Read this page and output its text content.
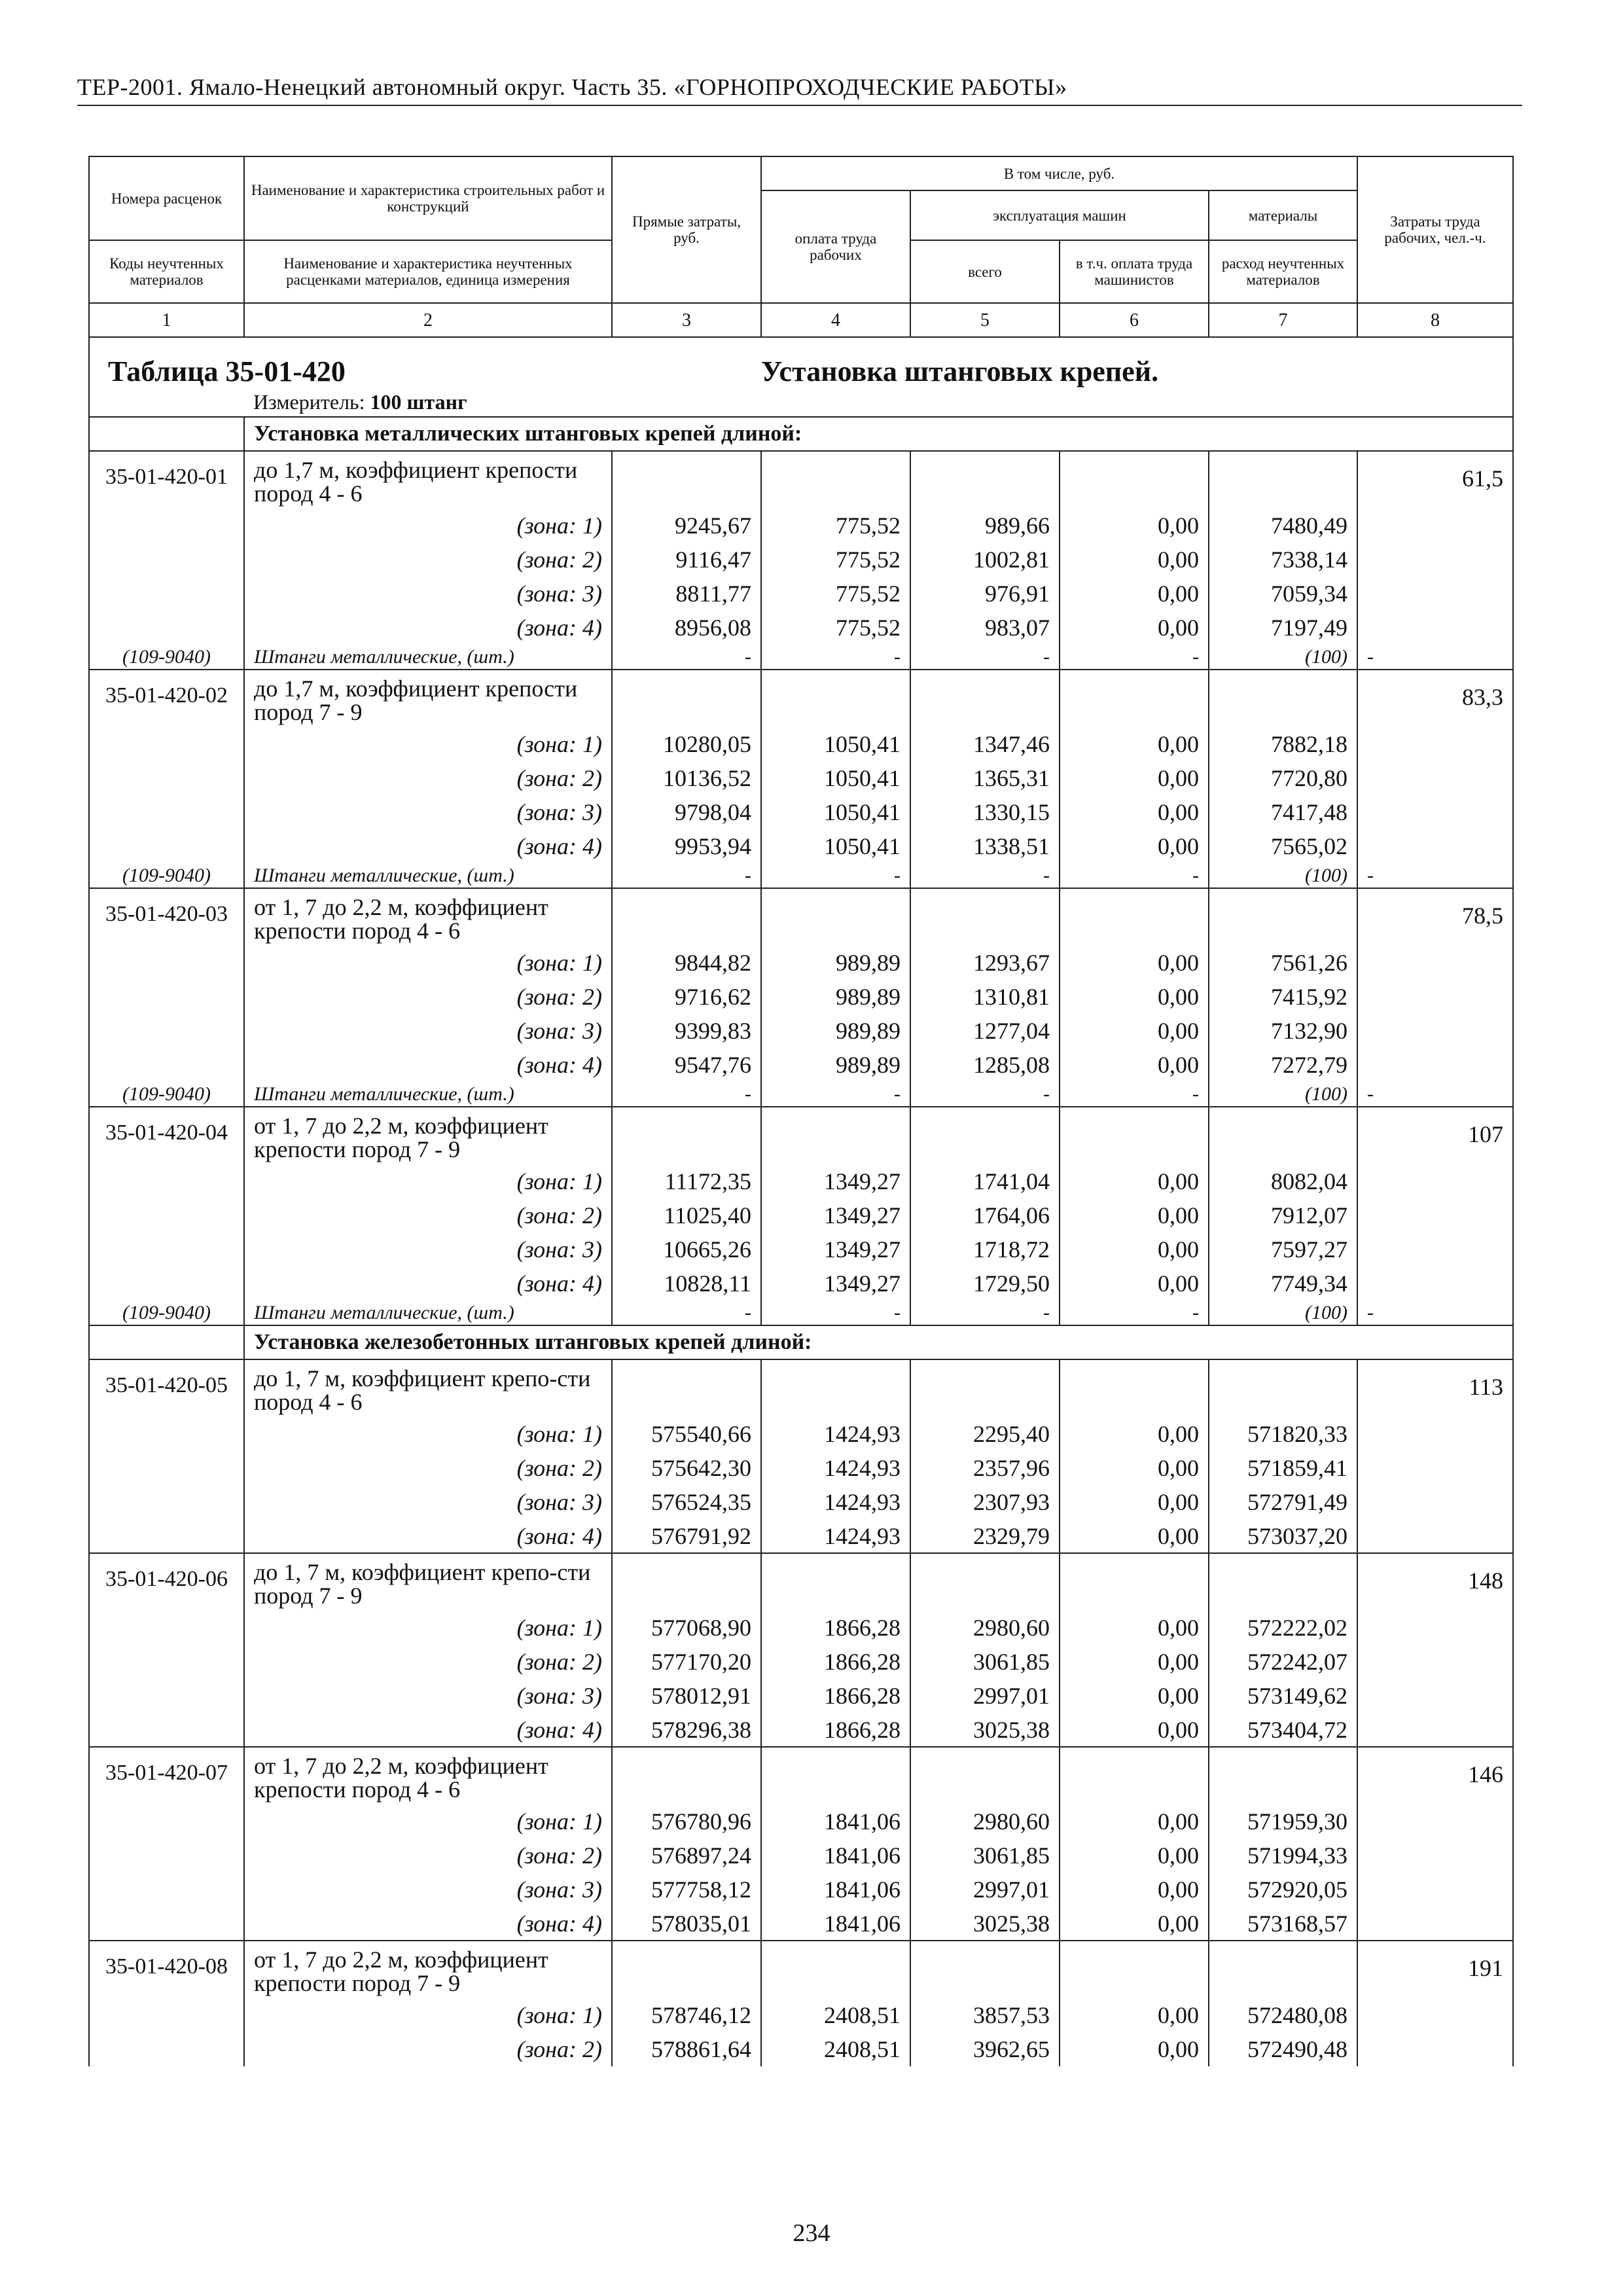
ТЕР-2001. Ямало-Ненецкий автономный округ. Часть 35. «ГОРНОПРОХОДЧЕСКИЕ РАБОТЫ»
Номера расценок	Наименование и характеристика строительных работ и конструкций	Прямые затраты, руб.	В том числе, руб.				Затраты труда рабочих, чел.-ч.
			оплата труда рабочих	эксплуатация машин		материалы	
Коды неучтенных материалов	Наименование и характеристика неучтенных расценками материалов, единица измерения			всего	в т.ч. оплата труда машинистов	расход неучтенных материалов	
1	2	3	4	5	6	7	8

Таблица 35-01-420			Установка штанговых крепей.				
	Измеритель: 100 штанг						
	Установка металлических штанговых крепей длиной:						
35-01-420-01	до 1,7 м, коэффициент крепости пород 4 - 6						61,5
	(зона: 1)	9245,67	775,52	989,66	0,00	7480,49	
	(зона: 2)	9116,47	775,52	1002,81	0,00	7338,14	
	(зона: 3)	8811,77	775,52	976,91	0,00	7059,34	
	(зона: 4)	8956,08	775,52	983,07	0,00	7197,49	
(109-9040)	Штанги металлические, (шт.)	-	-	-	-	(100)	-
35-01-420-02	до 1,7 м, коэффициент крепости пород 7 - 9						83,3
	(зона: 1)	10280,05	1050,41	1347,46	0,00	7882,18	
	(зона: 2)	10136,52	1050,41	1365,31	0,00	7720,80	
	(зона: 3)	9798,04	1050,41	1330,15	0,00	7417,48	
	(зона: 4)	9953,94	1050,41	1338,51	0,00	7565,02	
(109-9040)	Штанги металлические, (шт.)	-	-	-	-	(100)	-
35-01-420-03	от 1, 7 до 2,2 м, коэффициент крепости пород 4 - 6						78,5
	(зона: 1)	9844,82	989,89	1293,67	0,00	7561,26	
	(зона: 2)	9716,62	989,89	1310,81	0,00	7415,92	
	(зона: 3)	9399,83	989,89	1277,04	0,00	7132,90	
	(зона: 4)	9547,76	989,89	1285,08	0,00	7272,79	
(109-9040)	Штанги металлические, (шт.)	-	-	-	-	(100)	-
35-01-420-04	от 1, 7 до 2,2 м, коэффициент крепости пород 7 - 9						107
	(зона: 1)	11172,35	1349,27	1741,04	0,00	8082,04	
	(зона: 2)	11025,40	1349,27	1764,06	0,00	7912,07	
	(зона: 3)	10665,26	1349,27	1718,72	0,00	7597,27	
	(зона: 4)	10828,11	1349,27	1729,50	0,00	7749,34	
(109-9040)	Штанги металлические, (шт.)	-	-	-	-	(100)	-
	Установка железобетонных штанговых крепей длиной:						
35-01-420-05	до 1, 7 м, коэффициент крепо-сти пород 4 - 6						113
	(зона: 1)	575540,66	1424,93	2295,40	0,00	571820,33	
	(зона: 2)	575642,30	1424,93	2357,96	0,00	571859,41	
	(зона: 3)	576524,35	1424,93	2307,93	0,00	572791,49	
	(зона: 4)	576791,92	1424,93	2329,79	0,00	573037,20	
35-01-420-06	до 1, 7 м, коэффициент крепо-сти пород 7 - 9						148
	(зона: 1)	577068,90	1866,28	2980,60	0,00	572222,02	
	(зона: 2)	577170,20	1866,28	3061,85	0,00	572242,07	
	(зона: 3)	578012,91	1866,28	2997,01	0,00	573149,62	
	(зона: 4)	578296,38	1866,28	3025,38	0,00	573404,72	
35-01-420-07	от 1, 7 до 2,2 м, коэффициент крепости пород 4 - 6						146
	(зона: 1)	576780,96	1841,06	2980,60	0,00	571959,30	
	(зона: 2)	576897,24	1841,06	3061,85	0,00	571994,33	
	(зона: 3)	577758,12	1841,06	2997,01	0,00	572920,05	
	(зона: 4)	578035,01	1841,06	3025,38	0,00	573168,57	
35-01-420-08	от 1, 7 до 2,2 м, коэффициент крепости пород 7 - 9						191
	(зона: 1)	578746,12	2408,51	3857,53	0,00	572480,08	
	(зона: 2)	578861,64	2408,51	3962,65	0,00	572490,48	
234
